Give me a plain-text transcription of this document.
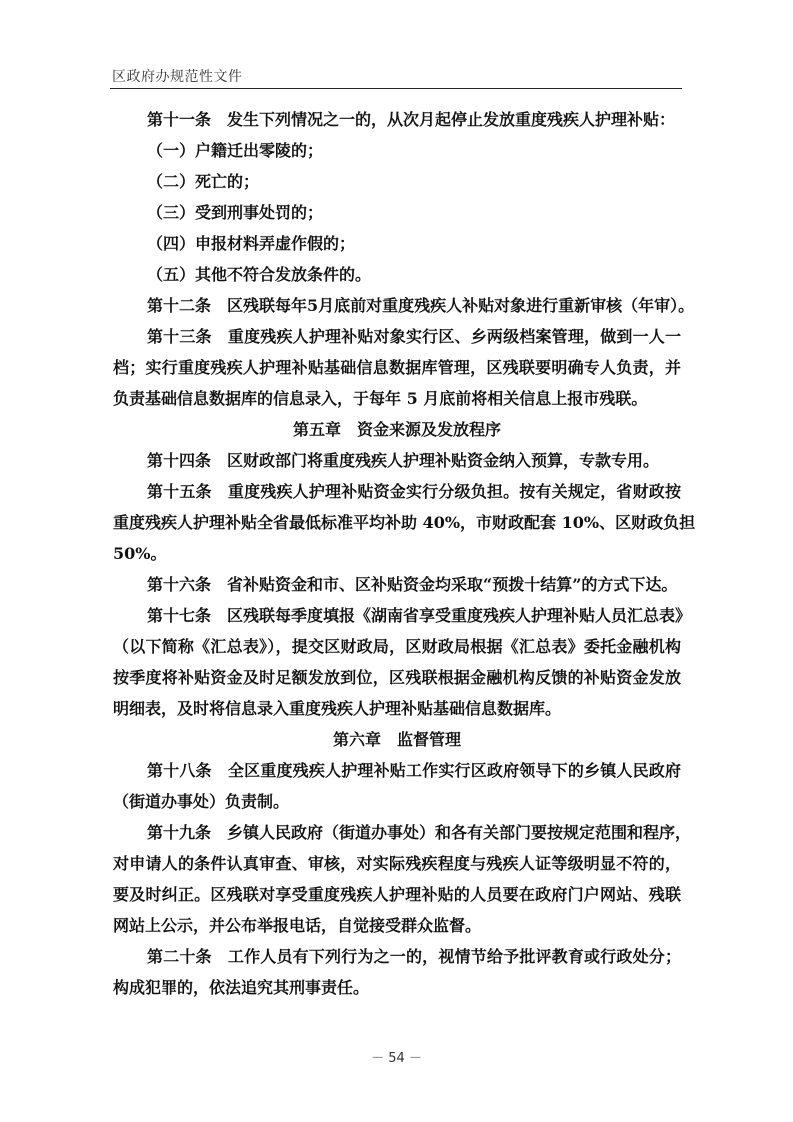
区政府办规范性文件
第十一条　发生下列情况之一的，从次月起停止发放重度残疾人护理补贴：
（一）户籍迁出零陵的；
（二）死亡的；
（三）受到刑事处罚的；
（四）申报材料弄虚作假的；
（五）其他不符合发放条件的。
第十二条　区残联每年5月底前对重度残疾人补贴对象进行重新审核（年审）。
第十三条　重度残疾人护理补贴对象实行区、乡两级档案管理，做到一人一
档；实行重度残疾人护理补贴基础信息数据库管理，区残联要明确专人负责，并
负责基础信息数据库的信息录入，于每年 5 月底前将相关信息上报市残联。
第五章　资金来源及发放程序
第十四条　区财政部门将重度残疾人护理补贴资金纳入预算，专款专用。
第十五条　重度残疾人护理补贴资金实行分级负担。按有关规定，省财政按
重度残疾人护理补贴全省最低标准平均补助 40%，市财政配套 10%、区财政负担
50%。
第十六条　省补贴资金和市、区补贴资金均采取“预拨十结算”的方式下达。
第十七条　区残联每季度填报《湖南省享受重度残疾人护理补贴人员汇总表》
（以下简称《汇总表》），提交区财政局，区财政局根据《汇总表》委托金融机构
按季度将补贴资金及时足额发放到位，区残联根据金融机构反馈的补贴资金发放
明细表，及时将信息录入重度残疾人护理补贴基础信息数据库。
第六章　监督管理
第十八条　全区重度残疾人护理补贴工作实行区政府领导下的乡镇人民政府
（街道办事处）负责制。
第十九条　乡镇人民政府（街道办事处）和各有关部门要按规定范围和程序，
对申请人的条件认真审查、审核，对实际残疾程度与残疾人证等级明显不符的，
要及时纠正。区残联对享受重度残疾人护理补贴的人员要在政府门户网站、残联
网站上公示，并公布举报电话，自觉接受群众监督。
第二十条　工作人员有下列行为之一的，视情节给予批评教育或行政处分；
构成犯罪的，依法追究其刑事责任。
－ 54 －
